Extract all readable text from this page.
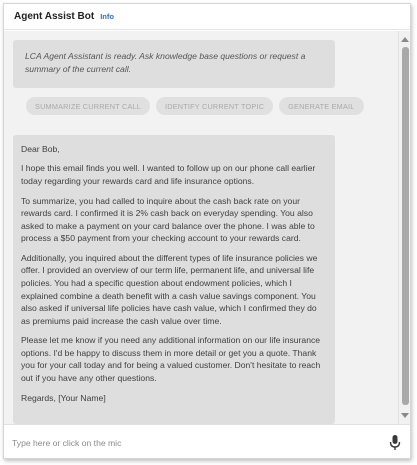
Agent Assist Bot Info
LCA Agent Assistant is ready. Ask knowledge base questions or request a summary of the current call.
SUMMARIZE CURRENT CALL	IDENTIFY CURRENT TOPIC	GENERATE EMAIL

Dear Bob,

I hope this email finds you well. I wanted to follow up on our phone call earlier today regarding your rewards card and life insurance options.

To summarize, you had called to inquire about the cash back rate on your rewards card. I confirmed it is 2% cash back on everyday spending. You also asked to make a payment on your card balance over the phone. I was able to process a $50 payment from your checking account to your rewards card.

Additionally, you inquired about the different types of life insurance policies we offer. I provided an overview of our term life, permanent life, and universal life policies. You had a specific question about endowment policies, which I explained combine a death benefit with a cash value savings component. You also asked if universal life policies have cash value, which I confirmed they do as premiums paid increase the cash value over time.

Please let me know if you need any additional information on our life insurance options. I'd be happy to discuss them in more detail or get you a quote. Thank you for your call today and for being a valued customer. Don't hesitate to reach out if you have any other questions.

Regards, [Your Name]

Type here or click on the mic
